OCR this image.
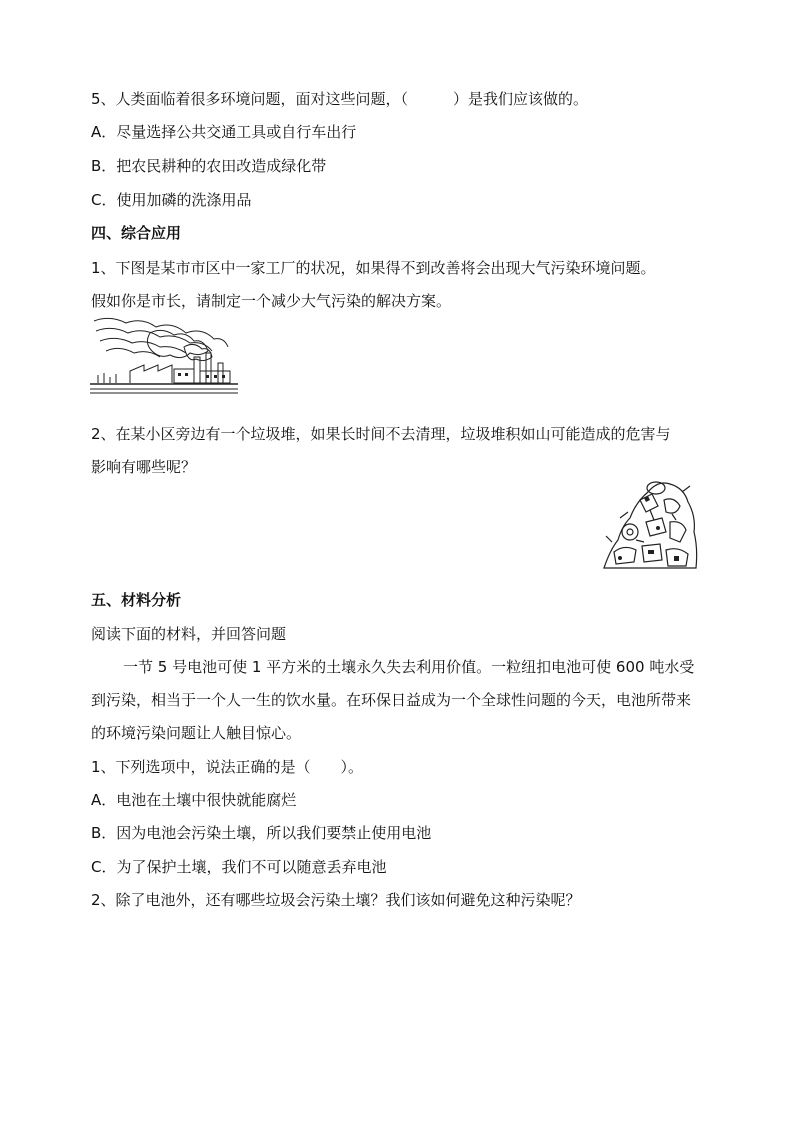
5、人类面临着很多环境问题，面对这些问题，（　　　）是我们应该做的。
A．尽量选择公共交通工具或自行车出行
B．把农民耕种的农田改造成绿化带
C．使用加磷的洗涤用品
四、综合应用
1、下图是某市市区中一家工厂的状况，如果得不到改善将会出现大气污染环境问题。
假如你是市长，请制定一个减少大气污染的解决方案。
2、在某小区旁边有一个垃圾堆，如果长时间不去清理，垃圾堆积如山可能造成的危害与
影响有哪些呢？
五、材料分析
阅读下面的材料，并回答问题
一节 5 号电池可使 1 平方米的土壤永久失去利用价值。一粒纽扣电池可使 600 吨水受到污染，相当于一个人一生的饮水量。在环保日益成为一个全球性问题的今天，电池所带来的环境污染问题让人触目惊心。
1、下列选项中，说法正确的是（　　）。
A．电池在土壤中很快就能腐烂
B．因为电池会污染土壤，所以我们要禁止使用电池
C．为了保护土壤，我们不可以随意丢弃电池
2、除了电池外，还有哪些垃圾会污染土壤？我们该如何避免这种污染呢？
